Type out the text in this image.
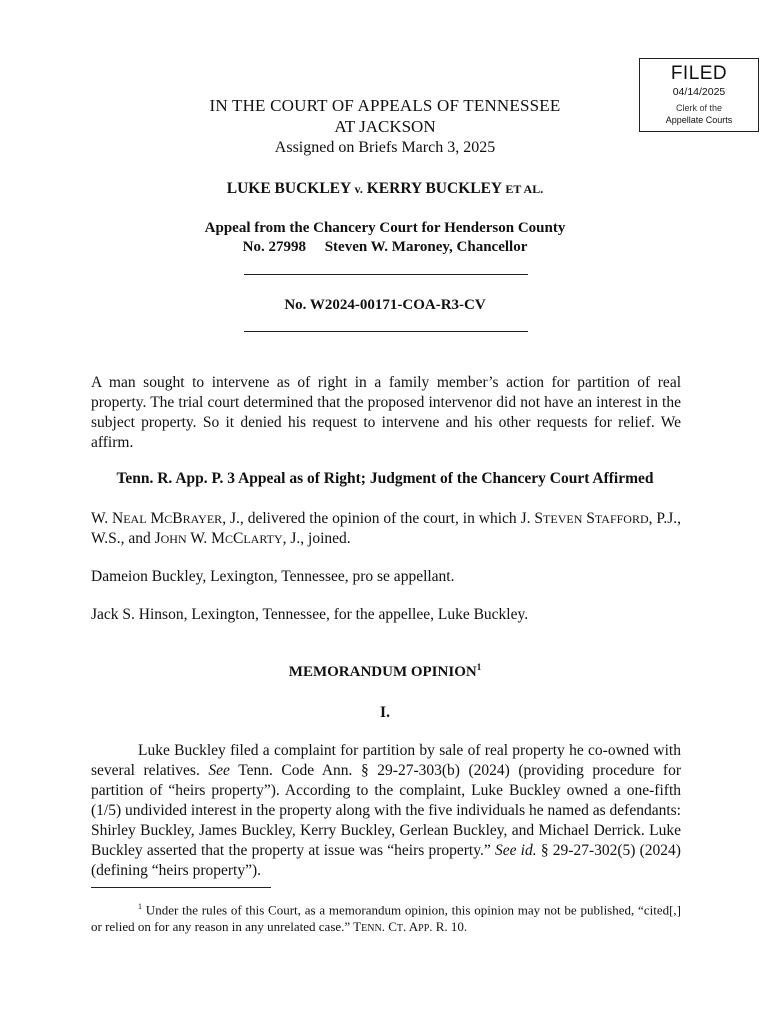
FILED
04/14/2025
Clerk of the
Appellate Courts
IN THE COURT OF APPEALS OF TENNESSEE
AT JACKSON
Assigned on Briefs March 3, 2025
LUKE BUCKLEY v. KERRY BUCKLEY ET AL.
Appeal from the Chancery Court for Henderson County
No. 27998     Steven W. Maroney, Chancellor
No. W2024-00171-COA-R3-CV

A man sought to intervene as of right in a family member’s action for partition of real property. The trial court determined that the proposed intervenor did not have an interest in the subject property. So it denied his request to intervene and his other requests for relief. We affirm.

Tenn. R. App. P. 3 Appeal as of Right; Judgment of the Chancery Court Affirmed

W. NEAL MCBRAYER, J., delivered the opinion of the court, in which J. STEVEN STAFFORD, P.J., W.S., and JOHN W. MCCLARTY, J., joined.

Dameion Buckley, Lexington, Tennessee, pro se appellant.

Jack S. Hinson, Lexington, Tennessee, for the appellee, Luke Buckley.

MEMORANDUM OPINION$^1$
I.

Luke Buckley filed a complaint for partition by sale of real property he co-owned with several relatives. See Tenn. Code Ann. § 29-27-303(b) (2024) (providing procedure for partition of “heirs property”). According to the complaint, Luke Buckley owned a one-fifth (1/5) undivided interest in the property along with the five individuals he named as defendants: Shirley Buckley, James Buckley, Kerry Buckley, Gerlean Buckley, and Michael Derrick. Luke Buckley asserted that the property at issue was “heirs property.” See id. § 29-27-302(5) (2024) (defining “heirs property”).

$^1$ Under the rules of this Court, as a memorandum opinion, this opinion may not be published, “cited[,] or relied on for any reason in any unrelated case.” TENN. CT. APP. R. 10.
